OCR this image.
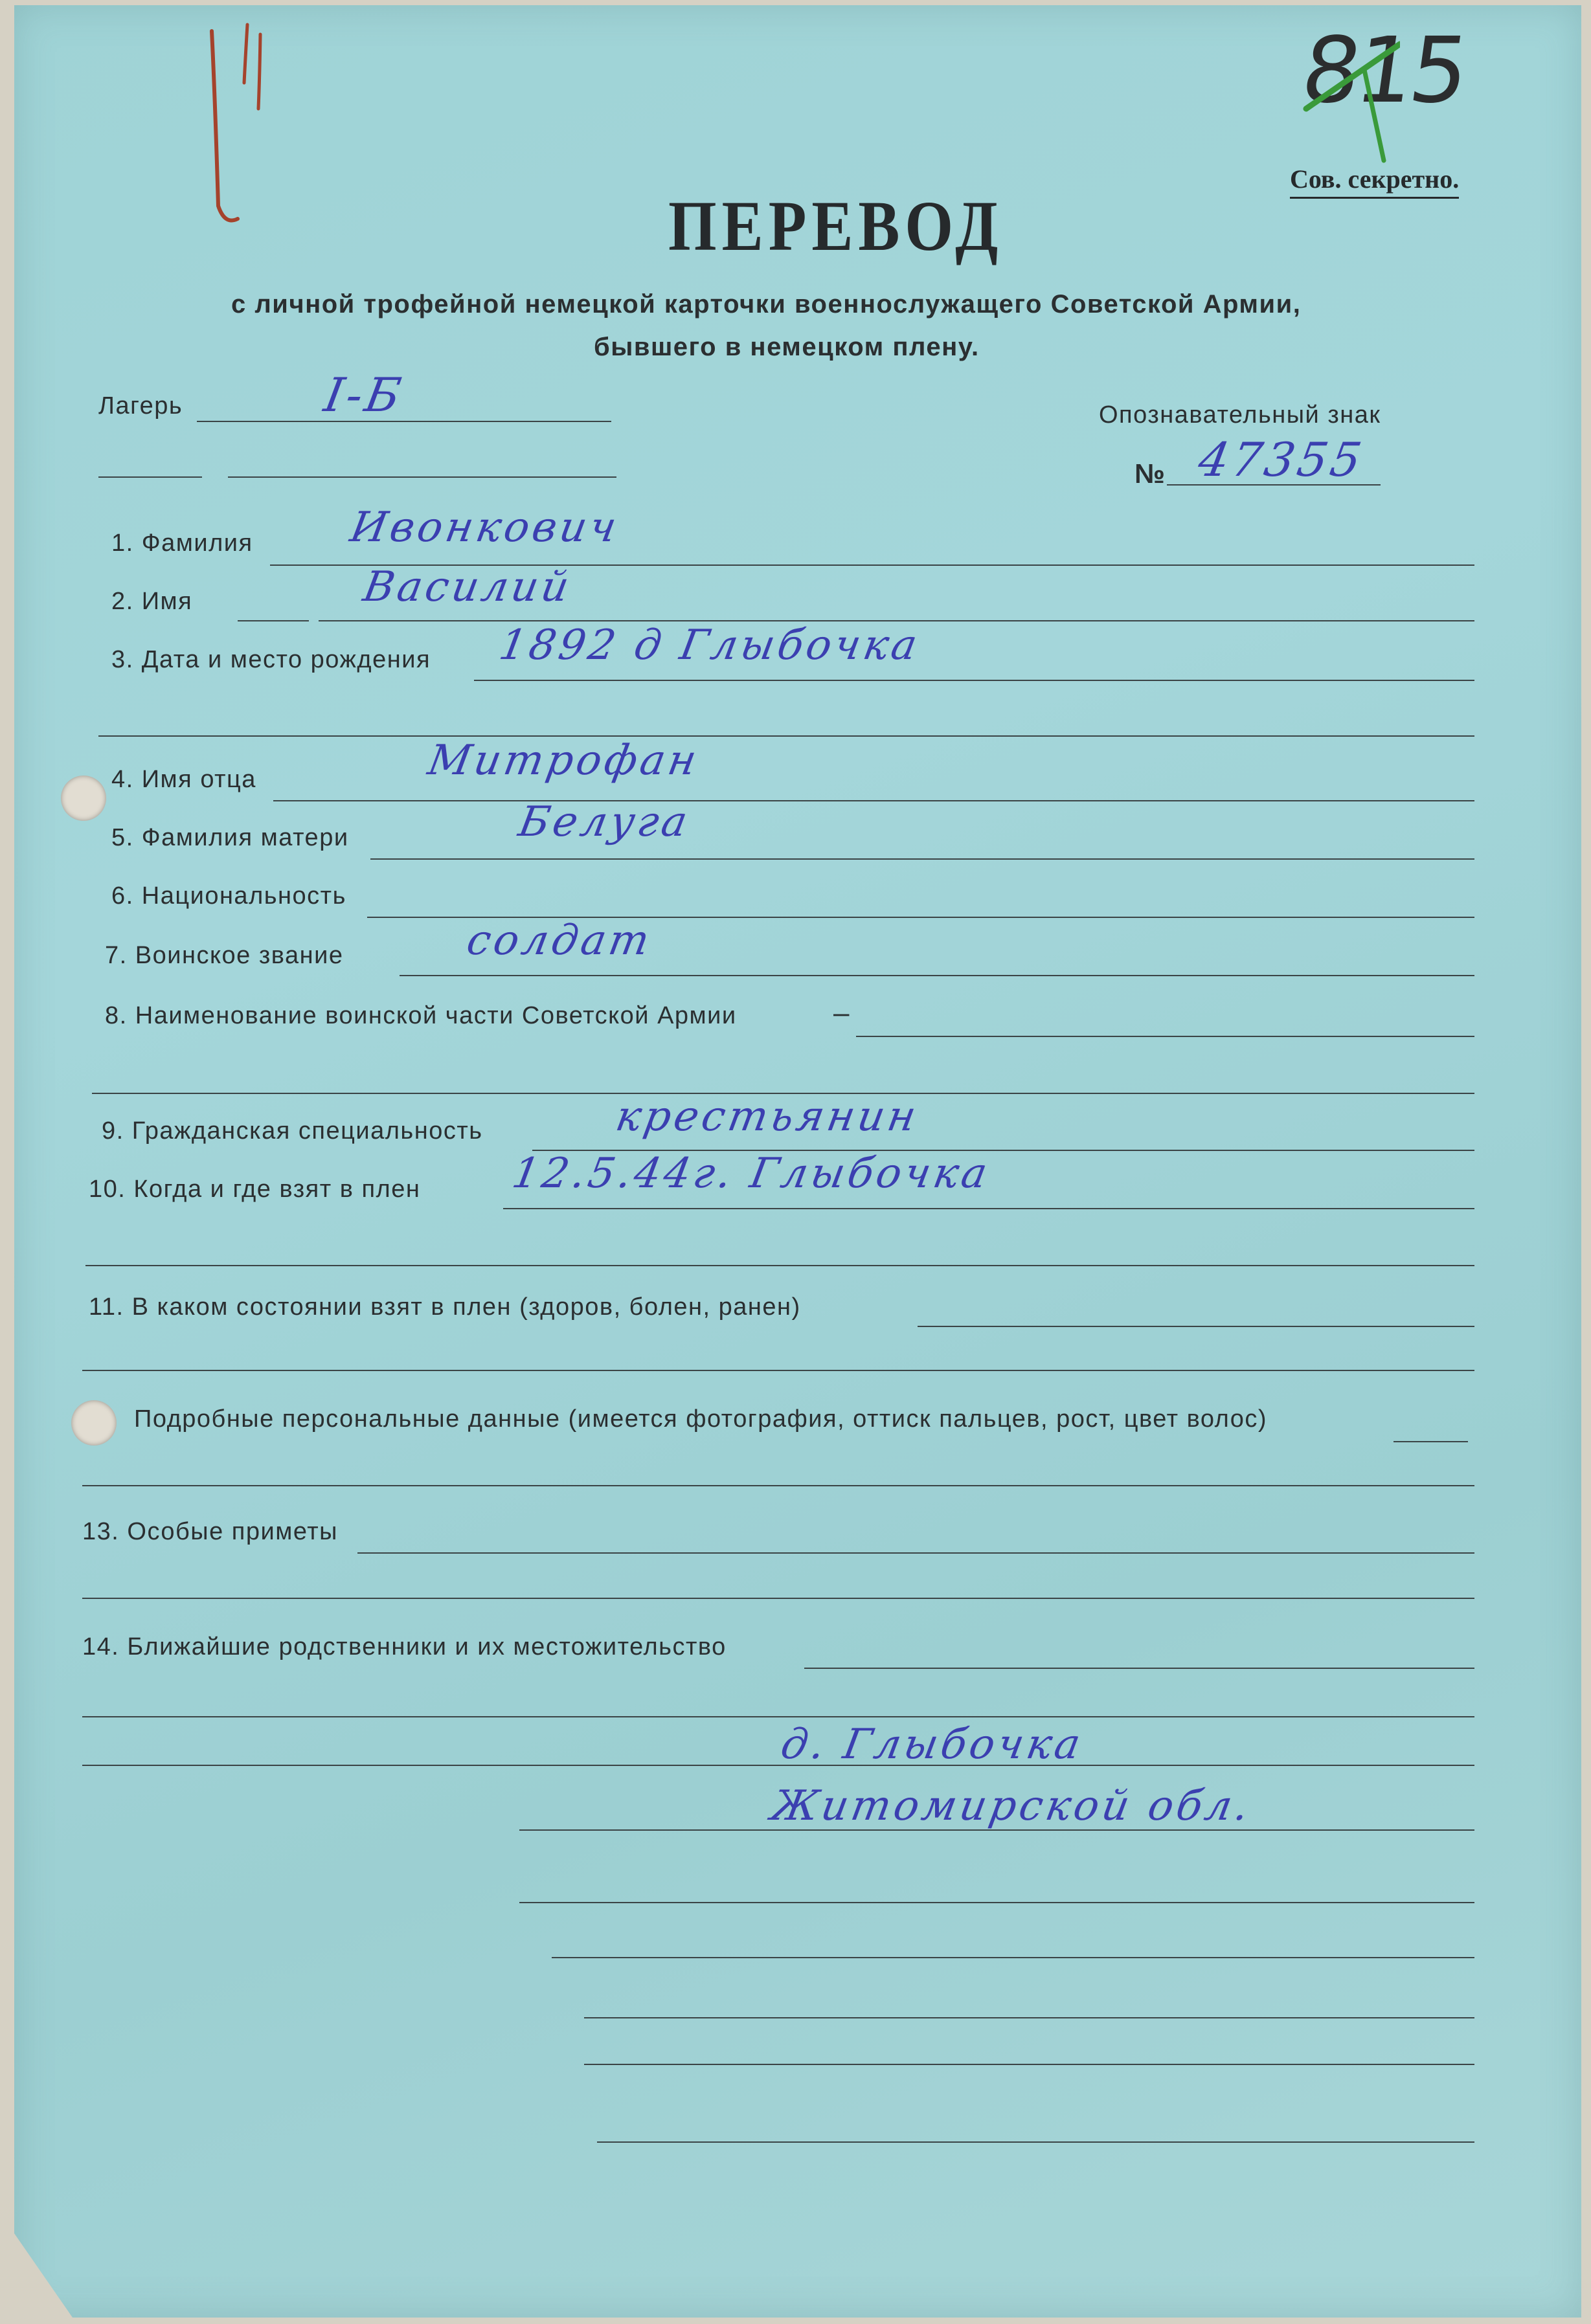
815
Сов. секретно.
ПЕРЕВОД
с личной трофейной немецкой карточки военнослужащего Советской Армии,
бывшего в немецком плену.
Лагерь	I-Б	Опознавательный знак
№ 47355
1. Фамилия Ивонкович
2. Имя	Василий
3. Дата и место рождения 1892 д Глыбочка
4. Имя отца	Митрофан
5. Фамилия матери	Белуга
6. Национальность
7. Воинское звание	солдат
8. Наименование воинской части Советской Армии	–
9. Гражданская специальность	крестьянин
10. Когда и где взят в плен 12.5.44г. Глыбочка
11. В каком состоянии взят в плен (здоров, болен, ранен)
Подробные персональные данные (имеется фотография, оттиск пальцев, рост, цвет волос)
13. Особые приметы
14. Ближайшие родственники и их местожительство
д. Глыбочка
Житомирской обл.
